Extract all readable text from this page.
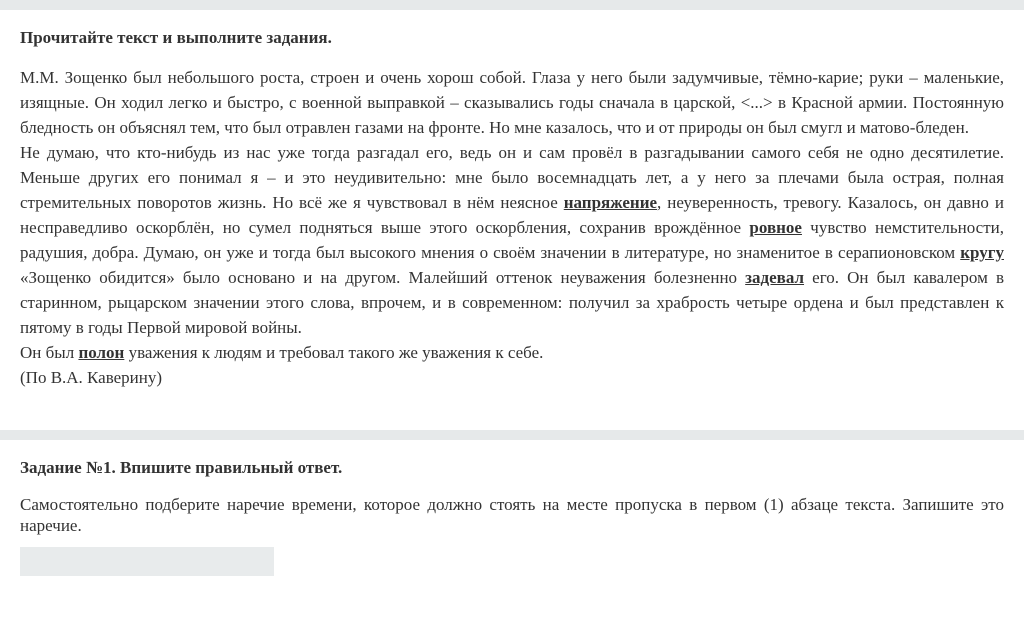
Прочитайте текст и выполните задания.

М.М. Зощенко был небольшого роста, строен и очень хорош собой. Глаза у него были задумчивые, тёмно-карие; руки – маленькие, изящные. Он ходил легко и быстро, с военной выправкой – сказывались годы сначала в царской, <...> в Красной армии. Постоянную бледность он объяснял тем, что был отравлен газами на фронте. Но мне казалось, что и от природы он был смугл и матово-бледен.

Не думаю, что кто-нибудь из нас уже тогда разгадал его, ведь он и сам провёл в разгадывании самого себя не одно десятилетие. Меньше других его понимал я – и это неудивительно: мне было восемнадцать лет, а у него за плечами была острая, полная стремительных поворотов жизнь. Но всё же я чувствовал в нём неясное напряжение, неуверенность, тревогу. Казалось, он давно и несправедливо оскорблён, но сумел подняться выше этого оскорбления, сохранив врождённое ровное чувство немстительности, радушия, добра. Думаю, он уже и тогда был высокого мнения о своём значении в литературе, но знаменитое в серапионовском кругу «Зощенко обидится» было основано и на другом. Малейший оттенок неуважения болезненно задевал его. Он был кавалером в старинном, рыцарском значении этого слова, впрочем, и в современном: получил за храбрость четыре ордена и был представлен к пятому в годы Первой мировой войны.

Он был полон уважения к людям и требовал такого же уважения к себе.

(По В.А. Каверину)

Задание №1. Впишите правильный ответ.

Самостоятельно подберите наречие времени, которое должно стоять на месте пропуска в первом (1) абзаце текста. Запишите это наречие.
